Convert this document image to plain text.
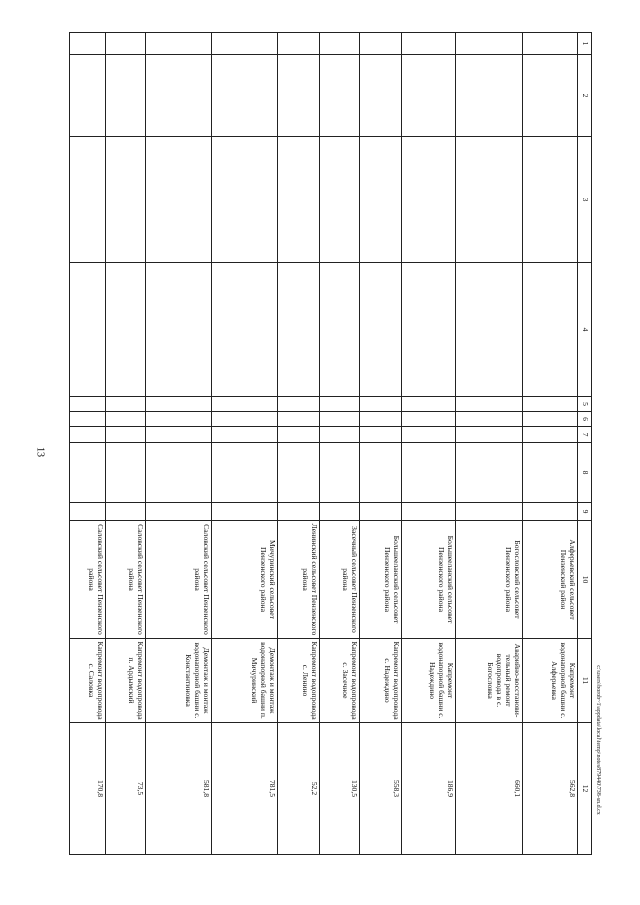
13
1	2	3	4	5	6	7	8	9	10	11	12
									Алферьевский сельсовет Пензенский район	Капремонт водонапорной башни с. Алферьевка	562,8
									Богословский сельсовет Пензенского района	Аварийно-восстанови-тельный ремонт водопровода в с. Богословка	660,1
									Большееланский сельсовет Пензенского района	Капремонт водонапорной башни с. Надеждино	186,9
									Большееланский сельсовет Пензенского района	Капремонт водопровода с. Надеждино	558,3
									Засечный сельсовет Пензенского района	Капремонт водопровода с. Засечное	130,5
									Ленинский сельсовет Пензенского района	Капремонт водопровода с. Ленино	52,2
									Мичуринский сельсовет Пензенского района	Демонтаж и монтаж водонапорной башни п. Мичуринский	781,5
									Саловский сельсовет Пензенского района	Демонтаж и монтаж водонапорной башни с. Константиновка	581,8
									Саловский сельсовет Пензенского района	Капремонт водопровода п. Ардымский	73,5
									Саловский сельсовет Пензенского района	Капремонт водопровода с. Саловка	170,8	c:\users\borob~1\appdata\local\temp\notes879440\738-sn.d.cx
